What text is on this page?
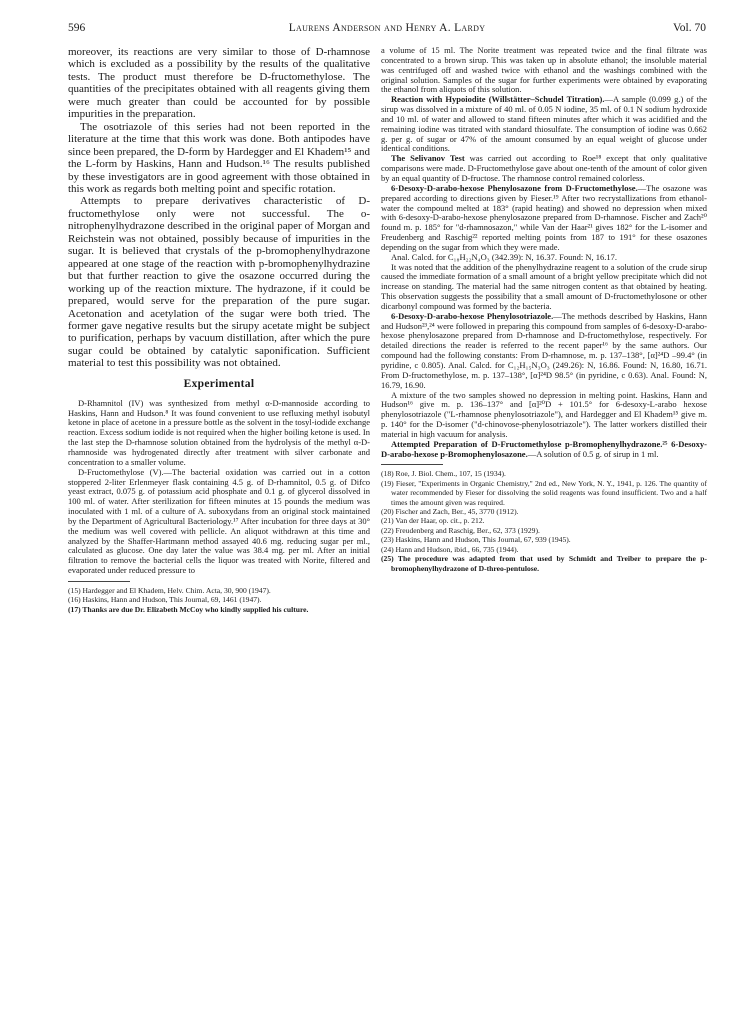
596	Laurens Anderson and Henry A. Lardy	Vol. 70

moreover, its reactions are very similar to those of D-rhamnose which is excluded as a possibility by the results of the qualitative tests. The product must therefore be D-fructomethylose. The quantities of the precipitates obtained with all reagents giving them were much greater than could be accounted for by possible impurities in the preparation.

The osotriazole of this series had not been reported in the literature at the time that this work was done. Both antipodes have since been prepared, the D-form by Hardegger and El Khadem¹⁵ and the L-form by Haskins, Hann and Hudson.¹⁶ The results published by these investigators are in good agreement with those obtained in this work as regards both melting point and specific rotation.

Attempts to prepare derivatives characteristic of D-fructomethylose only were not successful. The o-nitrophenylhydrazone described in the original paper of Morgan and Reichstein was not obtained, possibly because of impurities in the sugar. It is believed that crystals of the p-bromophenylhydrazone appeared at one stage of the reaction with p-bromophenylhydrazine but that further reaction to give the osazone occurred during the working up of the reaction mixture. The hydrazone, if it could be prepared, would serve for the preparation of the pure sugar. Acetonation and acetylation of the sugar were both tried. The former gave negative results but the sirupy acetate might be subject to purification, perhaps by vacuum distillation, after which the pure sugar could be obtained by catalytic saponification. Sufficient material to test this possibility was not obtained.

Experimental

D-Rhamnitol (IV) was synthesized from methyl α-D-mannoside according to Haskins, Hann and Hudson.⁸ It was found convenient to use refluxing methyl isobutyl ketone in place of acetone in a pressure bottle as the solvent in the tosyl-iodide exchange reaction. Excess sodium iodide is not required when the higher boiling ketone is used. In the last step the D-rhamnose solution obtained from the hydrolysis of the methyl α-D-rhamnoside was hydrogenated directly after treatment with silver carbonate and concentration to a smaller volume.

D-Fructomethylose (V).—The bacterial oxidation was carried out in a cotton stoppered 2-liter Erlenmeyer flask containing 4.5 g. of D-rhamnitol, 0.5 g. of Difco yeast extract, 0.075 g. of potassium acid phosphate and 0.1 g. of glycerol dissolved in 100 ml. of water. After sterilization for fifteen minutes at 15 pounds the medium was inoculated with 1 ml. of a culture of A. suboxydans from an original stock maintained by the Department of Agricultural Bacteriology.¹⁷ After incubation for three days at 30° the medium was well covered with pellicle. An aliquot withdrawn at this time and analyzed by the Shaffer-Hartmann method assayed 40.6 mg. reducing sugar per ml., calculated as glucose. One day later the value was 38.4 mg. per ml. After an initial filtration to remove the bacterial cells the liquor was treated with Norite, filtered and evaporated under reduced pressure to

(15) Hardegger and El Khadem, Helv. Chim. Acta, 30, 900 (1947).

(16) Haskins, Hann and Hudson, This Journal, 69, 1461 (1947).

(17) Thanks are due Dr. Elizabeth McCoy who kindly supplied his culture.

a volume of 15 ml. The Norite treatment was repeated twice and the final filtrate was concentrated to a brown sirup. This was taken up in absolute ethanol; the insoluble material was centrifuged off and washed twice with ethanol and the washings combined with the original solution. Samples of the sugar for further experiments were obtained by evaporating the ethanol from aliquots of this solution.

Reaction with Hypoiodite (Willstätter–Schudel Titration).—A sample (0.099 g.) of the sirup was dissolved in a mixture of 40 ml. of 0.05 N iodine, 35 ml. of 0.1 N sodium hydroxide and 10 ml. of water and allowed to stand fifteen minutes after which it was acidified and the remaining iodine was titrated with standard thiosulfate. The consumption of iodine was 0.662 g. per g. of sugar or 47% of the amount consumed by an equal weight of glucose under identical conditions.

The Selivanov Test was carried out according to Roe¹⁸ except that only qualitative comparisons were made. D-Fructomethylose gave about one-tenth of the amount of color given by an equal quantity of D-fructose. The rhamnose control remained colorless.

6-Desoxy-D-arabo-hexose Phenylosazone from D-Fructomethylose.—The osazone was prepared according to directions given by Fieser.¹⁹ After two recrystallizations from ethanol-water the compound melted at 183° (rapid heating) and showed no depression when mixed with 6-desoxy-D-arabo-hexose phenylosazone prepared from D-rhamnose. Fischer and Zach²⁰ found m. p. 185° for "d-rhamnosazon," while Van der Haar²¹ gives 182° for the L-isomer and Freudenberg and Raschig²² reported melting points from 187 to 191° for these osazones depending on the sugar from which they were made.

Anal. Calcd. for C₁₈H₂₂N₄O₃ (342.39): N, 16.37. Found: N, 16.17.

It was noted that the addition of the phenylhydrazine reagent to a solution of the crude sirup caused the immediate formation of a small amount of a bright yellow precipitate which did not increase on standing. The material had the same nitrogen content as that obtained by heating. This observation suggests the possibility that a small amount of D-fructomethylosone or other dicarbonyl compound was formed by the bacteria.

6-Desoxy-D-arabo-hexose Phenylosotriazole.—The methods described by Haskins, Hann and Hudson²³,²⁴ were followed in preparing this compound from samples of 6-desoxy-D-arabo-hexose phenylosazone prepared from D-rhamnose and D-fructomethylose, respectively. For detailed directions the reader is referred to the recent paper¹⁶ by the same authors. Our compound had the following constants: From D-rhamnose, m. p. 137–138°, [α]²⁴D –99.4° (in pyridine, c 0.805). Anal. Calcd. for C₁₂H₁₅N₃O₃ (249.26): N, 16.86. Found: N, 16.80, 16.71. From D-fructomethylose, m. p. 137–138°, [α]²⁴D 98.5° (in pyridine, c 0.63). Anal. Found: N, 16.79, 16.90.

A mixture of the two samples showed no depression in melting point. Haskins, Hann and Hudson¹⁶ give m. p. 136–137° and [α]²⁰D + 101.5° for 6-desoxy-L-arabo hexose phenylosotriazole ("L-rhamnose phenylosotriazole"), and Hardegger and El Khadem¹⁵ give m. p. 140° for the D-isomer ("d-chinovose-phenylosotriazole"). The latter workers distilled their material in high vacuum for analysis.

Attempted Preparation of D-Fructomethylose p-Bromophenylhydrazone.²⁵ 6-Desoxy-D-arabo-hexose p-Bromophenylosazone.—A solution of 0.5 g. of sirup in 1 ml.

(18) Roe, J. Biol. Chem., 107, 15 (1934).

(19) Fieser, "Experiments in Organic Chemistry," 2nd ed., New York, N. Y., 1941, p. 126. The quantity of water recommended by Fieser for dissolving the solid reagents was found insufficient. Two and a half times the amount given was required.

(20) Fischer and Zach, Ber., 45, 3770 (1912).

(21) Van der Haar, op. cit., p. 212.

(22) Freudenberg and Raschig, Ber., 62, 373 (1929).

(23) Haskins, Hann and Hudson, This Journal, 67, 939 (1945).

(24) Hann and Hudson, ibid., 66, 735 (1944).

(25) The procedure was adapted from that used by Schmidt and Treiber to prepare the p-bromophenylhydrazone of D-threo-pentulose.
